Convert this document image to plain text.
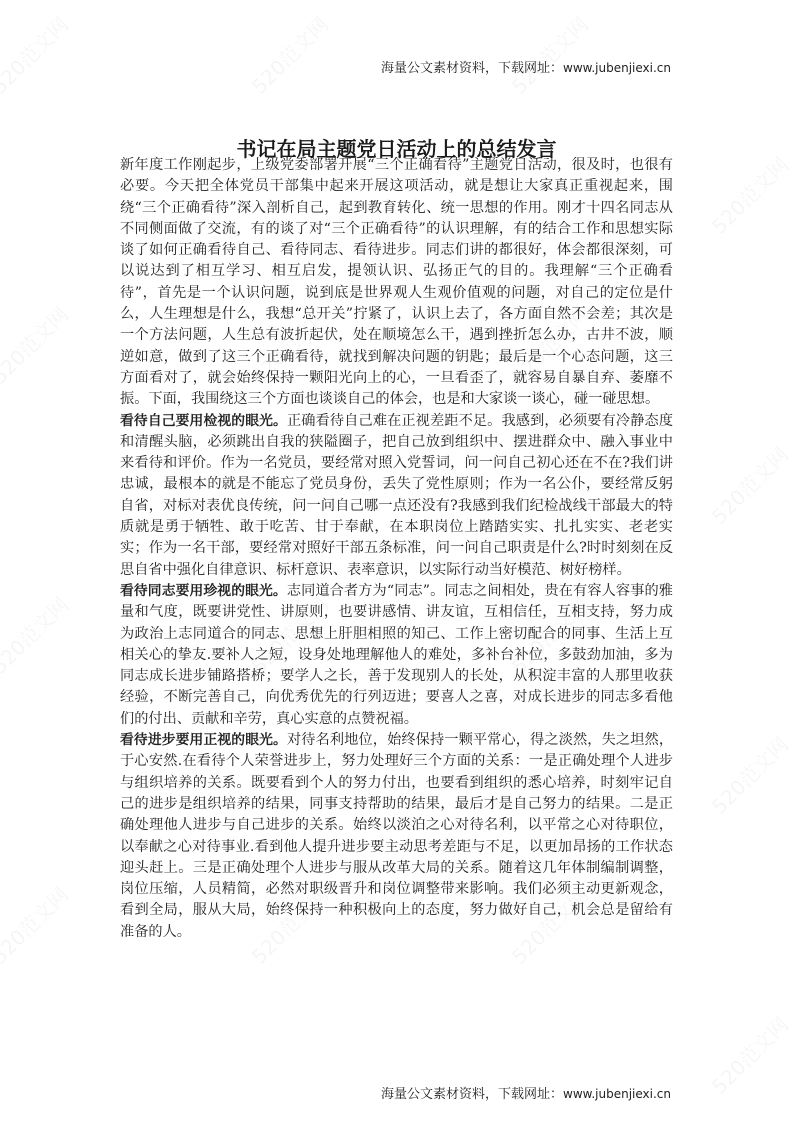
海量公文素材资料，下载网址：www.jubenjiexi.cn
书记在局主题党日活动上的总结发言

新年度工作刚起步，上级党委部署开展“三个正确看待”主题党日活动，很及时，也很有必要。今天把全体党员干部集中起来开展这项活动，就是想让大家真正重视起来，围绕“三个正确看待”深入剖析自己，起到教育转化、统一思想的作用。刚才十四名同志从不同侧面做了交流，有的谈了对“三个正确看待”的认识理解，有的结合工作和思想实际谈了如何正确看待自己、看待同志、看待进步。同志们讲的都很好，体会都很深刻，可以说达到了相互学习、相互启发，提领认识、弘扬正气的目的。我理解“三个正确看待”，首先是一个认识问题，说到底是世界观人生观价值观的问题，对自己的定位是什么，人生理想是什么，我想“总开关”拧紧了，认识上去了，各方面自然不会差；其次是一个方法问题，人生总有波折起伏，处在顺境怎么干，遇到挫折怎么办，古井不波，顺逆如意，做到了这三个正确看待，就找到解决问题的钥匙；最后是一个心态问题，这三方面看对了，就会始终保持一颗阳光向上的心，一旦看歪了，就容易自暴自弃、萎靡不振。下面，我围绕这三个方面也谈谈自己的体会，也是和大家谈一谈心，碰一碰思想。

看待自己要用检视的眼光。正确看待自己难在正视差距不足。我感到，必须要有冷静态度和清醒头脑，必须跳出自我的狭隘圈子，把自己放到组织中、摆进群众中、融入事业中来看待和评价。作为一名党员，要经常对照入党誓词，问一问自己初心还在不在?我们讲忠诚，最根本的就是不能忘了党员身份，丢失了党性原则；作为一名公仆，要经常反躬自省，对标对表优良传统，问一问自己哪一点还没有?我感到我们纪检战线干部最大的特质就是勇于牺牲、敢于吃苦、甘于奉献，在本职岗位上踏踏实实、扎扎实实、老老实实；作为一名干部，要经常对照好干部五条标准，问一问自己职责是什么?时时刻刻在反思自省中强化自律意识、标杆意识、表率意识，以实际行动当好模范、树好榜样。

看待同志要用珍视的眼光。志同道合者方为“同志”。同志之间相处，贵在有容人容事的雅量和气度，既要讲党性、讲原则，也要讲感情、讲友谊，互相信任，互相支持，努力成为政治上志同道合的同志、思想上肝胆相照的知己、工作上密切配合的同事、生活上互相关心的挚友.要补人之短，设身处地理解他人的难处，多补台补位，多鼓劲加油，多为同志成长进步铺路搭桥；要学人之长，善于发现别人的长处，从积淀丰富的人那里收获经验，不断完善自己，向优秀优先的行列迈进；要喜人之喜，对成长进步的同志多看他们的付出、贡献和辛劳，真心实意的点赞祝福。

看待进步要用正视的眼光。对待名利地位，始终保持一颗平常心，得之淡然，失之坦然，于心安然.在看待个人荣誉进步上，努力处理好三个方面的关系：一是正确处理个人进步与组织培养的关系。既要看到个人的努力付出，也要看到组织的悉心培养，时刻牢记自己的进步是组织培养的结果，同事支持帮助的结果，最后才是自己努力的结果。二是正确处理他人进步与自己进步的关系。始终以淡泊之心对待名利，以平常之心对待职位，以奉献之心对待事业.看到他人提升进步要主动思考差距与不足，以更加昂扬的工作状态迎头赶上。三是正确处理个人进步与服从改革大局的关系。随着这几年体制编制调整，岗位压缩，人员精简，必然对职级晋升和岗位调整带来影响。我们必须主动更新观念，看到全局，服从大局，始终保持一种积极向上的态度，努力做好自己，机会总是留给有准备的人。

海量公文素材资料，下载网址：www.jubenjiexi.cn
